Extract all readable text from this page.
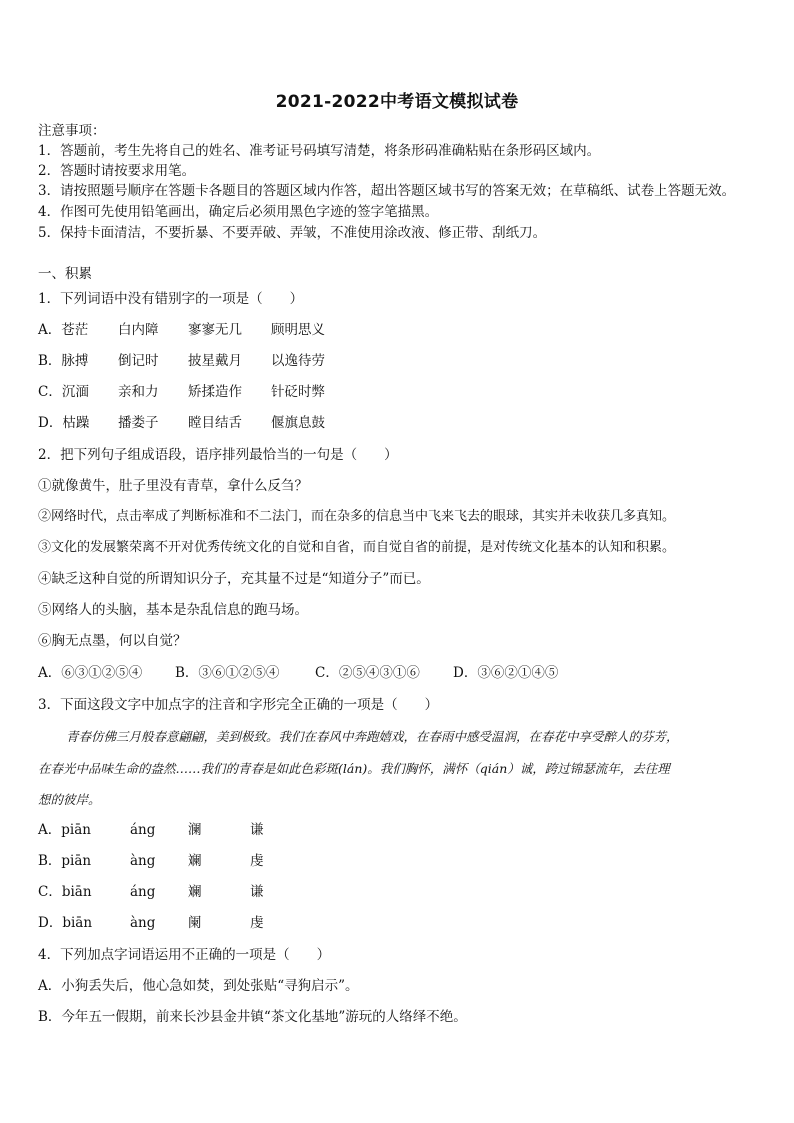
2021-2022中考语文模拟试卷
注意事项：
1．答题前，考生先将自己的姓名、准考证号码填写清楚，将条形码准确粘贴在条形码区域内。
2．答题时请按要求用笔。
3．请按照题号顺序在答题卡各题目的答题区域内作答，超出答题区域书写的答案无效；在草稿纸、试卷上答题无效。
4．作图可先使用铅笔画出，确定后必须用黑色字迹的签字笔描黑。
5．保持卡面清洁，不要折暴、不要弄破、弄皱，不准使用涂改液、修正带、刮纸刀。
一、积累
1．下列词语中没有错别字的一项是（　　）
A．苍茫 白内障 寥寥无几 顾明思义
B．脉搏 倒记时 披星戴月 以逸待劳
C．沉湎 亲和力 矫揉造作 针砭时弊
D．枯躁 播娄子 瞠目结舌 偃旗息鼓
2．把下列句子组成语段，语序排列最恰当的一句是（　　）
①就像黄牛，肚子里没有青草，拿什么反刍？
②网络时代，点击率成了判断标准和不二法门，而在杂多的信息当中飞来飞去的眼球，其实并未收获几多真知。
③文化的发展繁荣离不开对优秀传统文化的自觉和自省，而自觉自省的前提，是对传统文化基本的认知和积累。
④缺乏这种自觉的所谓知识分子，充其量不过是“知道分子”而已。
⑤网络人的头脑，基本是杂乱信息的跑马场。
⑥胸无点墨，何以自觉？
A．⑥③①②⑤④ B．③⑥①②⑤④	C．②⑤④③①⑥ D．③⑥②①④⑤
3．下面这段文字中加点字的注音和字形完全正确的一项是（　　）
青春仿佛三月般春意翩翩，美到极致。我们在春风中奔跑嬉戏，在春雨中感受温润，在春花中享受醉人的芬芳，
在春光中品味生命的盎然……我们的青春是如此色彩斑(lán)。我们胸怀，满怀（qián）诚，跨过锦瑟流年，去往理
想的彼岸。
A．piān	áng 澜	谦
B．piān	àng 斓	虔
C．biān	áng 斓	谦
D．biān	àng 阑	虔
4．下列加点字词语运用不正确的一项是（　　）
A．小狗丢失后，他心急如焚，到处张贴“寻狗启示”。
B．今年五一假期，前来长沙县金井镇“茶文化基地”游玩的人络绎不绝。
